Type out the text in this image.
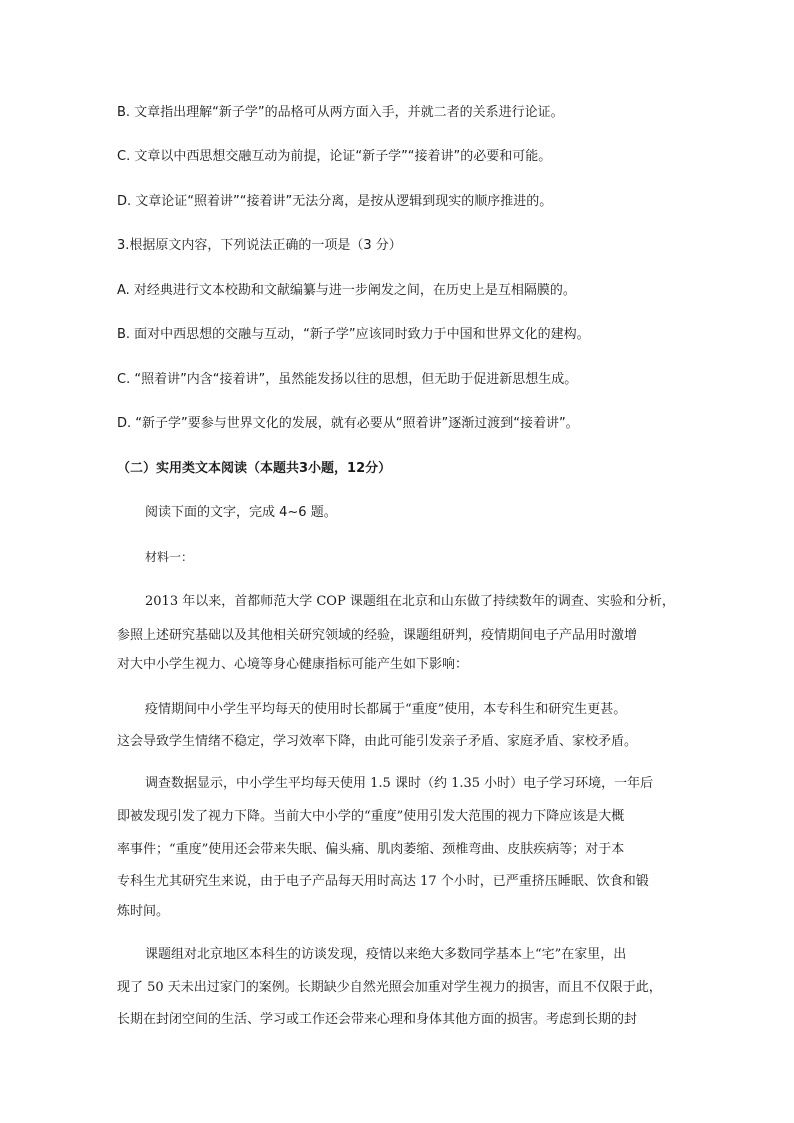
B. 文章指出理解“新子学”的品格可从两方面入手，并就二者的关系进行论证。
C. 文章以中西思想交融互动为前提，论证“新子学”“接着讲”的必要和可能。
D. 文章论证“照着讲”“接着讲”无法分离，是按从逻辑到现实的顺序推进的。
3.根据原文内容，下列说法正确的一项是（3 分）
A. 对经典进行文本校勘和文献编纂与进一步阐发之间，在历史上是互相隔膜的。
B. 面对中西思想的交融与互动，“新子学”应该同时致力于中国和世界文化的建构。
C. “照着讲”内含“接着讲”，虽然能发扬以往的思想，但无助于促进新思想生成。
D. “新子学”要参与世界文化的发展，就有必要从“照着讲”逐渐过渡到“接着讲”。
（二）实用类文本阅读（本题共3小题，12分）
阅读下面的文字，完成 4~6 题。
材料一：
2013 年以来，首都师范大学 COP 课题组在北京和山东做了持续数年的调查、实验和分析，
参照上述研究基础以及其他相关研究领域的经验，课题组研判，疫情期间电子产品用时激增
对大中小学生视力、心境等身心健康指标可能产生如下影响：
疫情期间中小学生平均每天的使用时长都属于“重度”使用，本专科生和研究生更甚。
这会导致学生情绪不稳定，学习效率下降，由此可能引发亲子矛盾、家庭矛盾、家校矛盾。
调查数据显示，中小学生平均每天使用 1.5 课时（约 1.35 小时）电子学习环境，一年后
即被发现引发了视力下降。当前大中小学的“重度”使用引发大范围的视力下降应该是大概
率事件；“重度”使用还会带来失眠、偏头痛、肌肉萎缩、颈椎弯曲、皮肤疾病等；对于本
专科生尤其研究生来说，由于电子产品每天用时高达 17 个小时，已严重挤压睡眠、饮食和锻
炼时间。
课题组对北京地区本科生的访谈发现，疫情以来绝大多数同学基本上“宅”在家里，出
现了 50 天未出过家门的案例。长期缺少自然光照会加重对学生视力的损害，而且不仅限于此，
长期在封闭空间的生活、学习或工作还会带来心理和身体其他方面的损害。考虑到长期的封
